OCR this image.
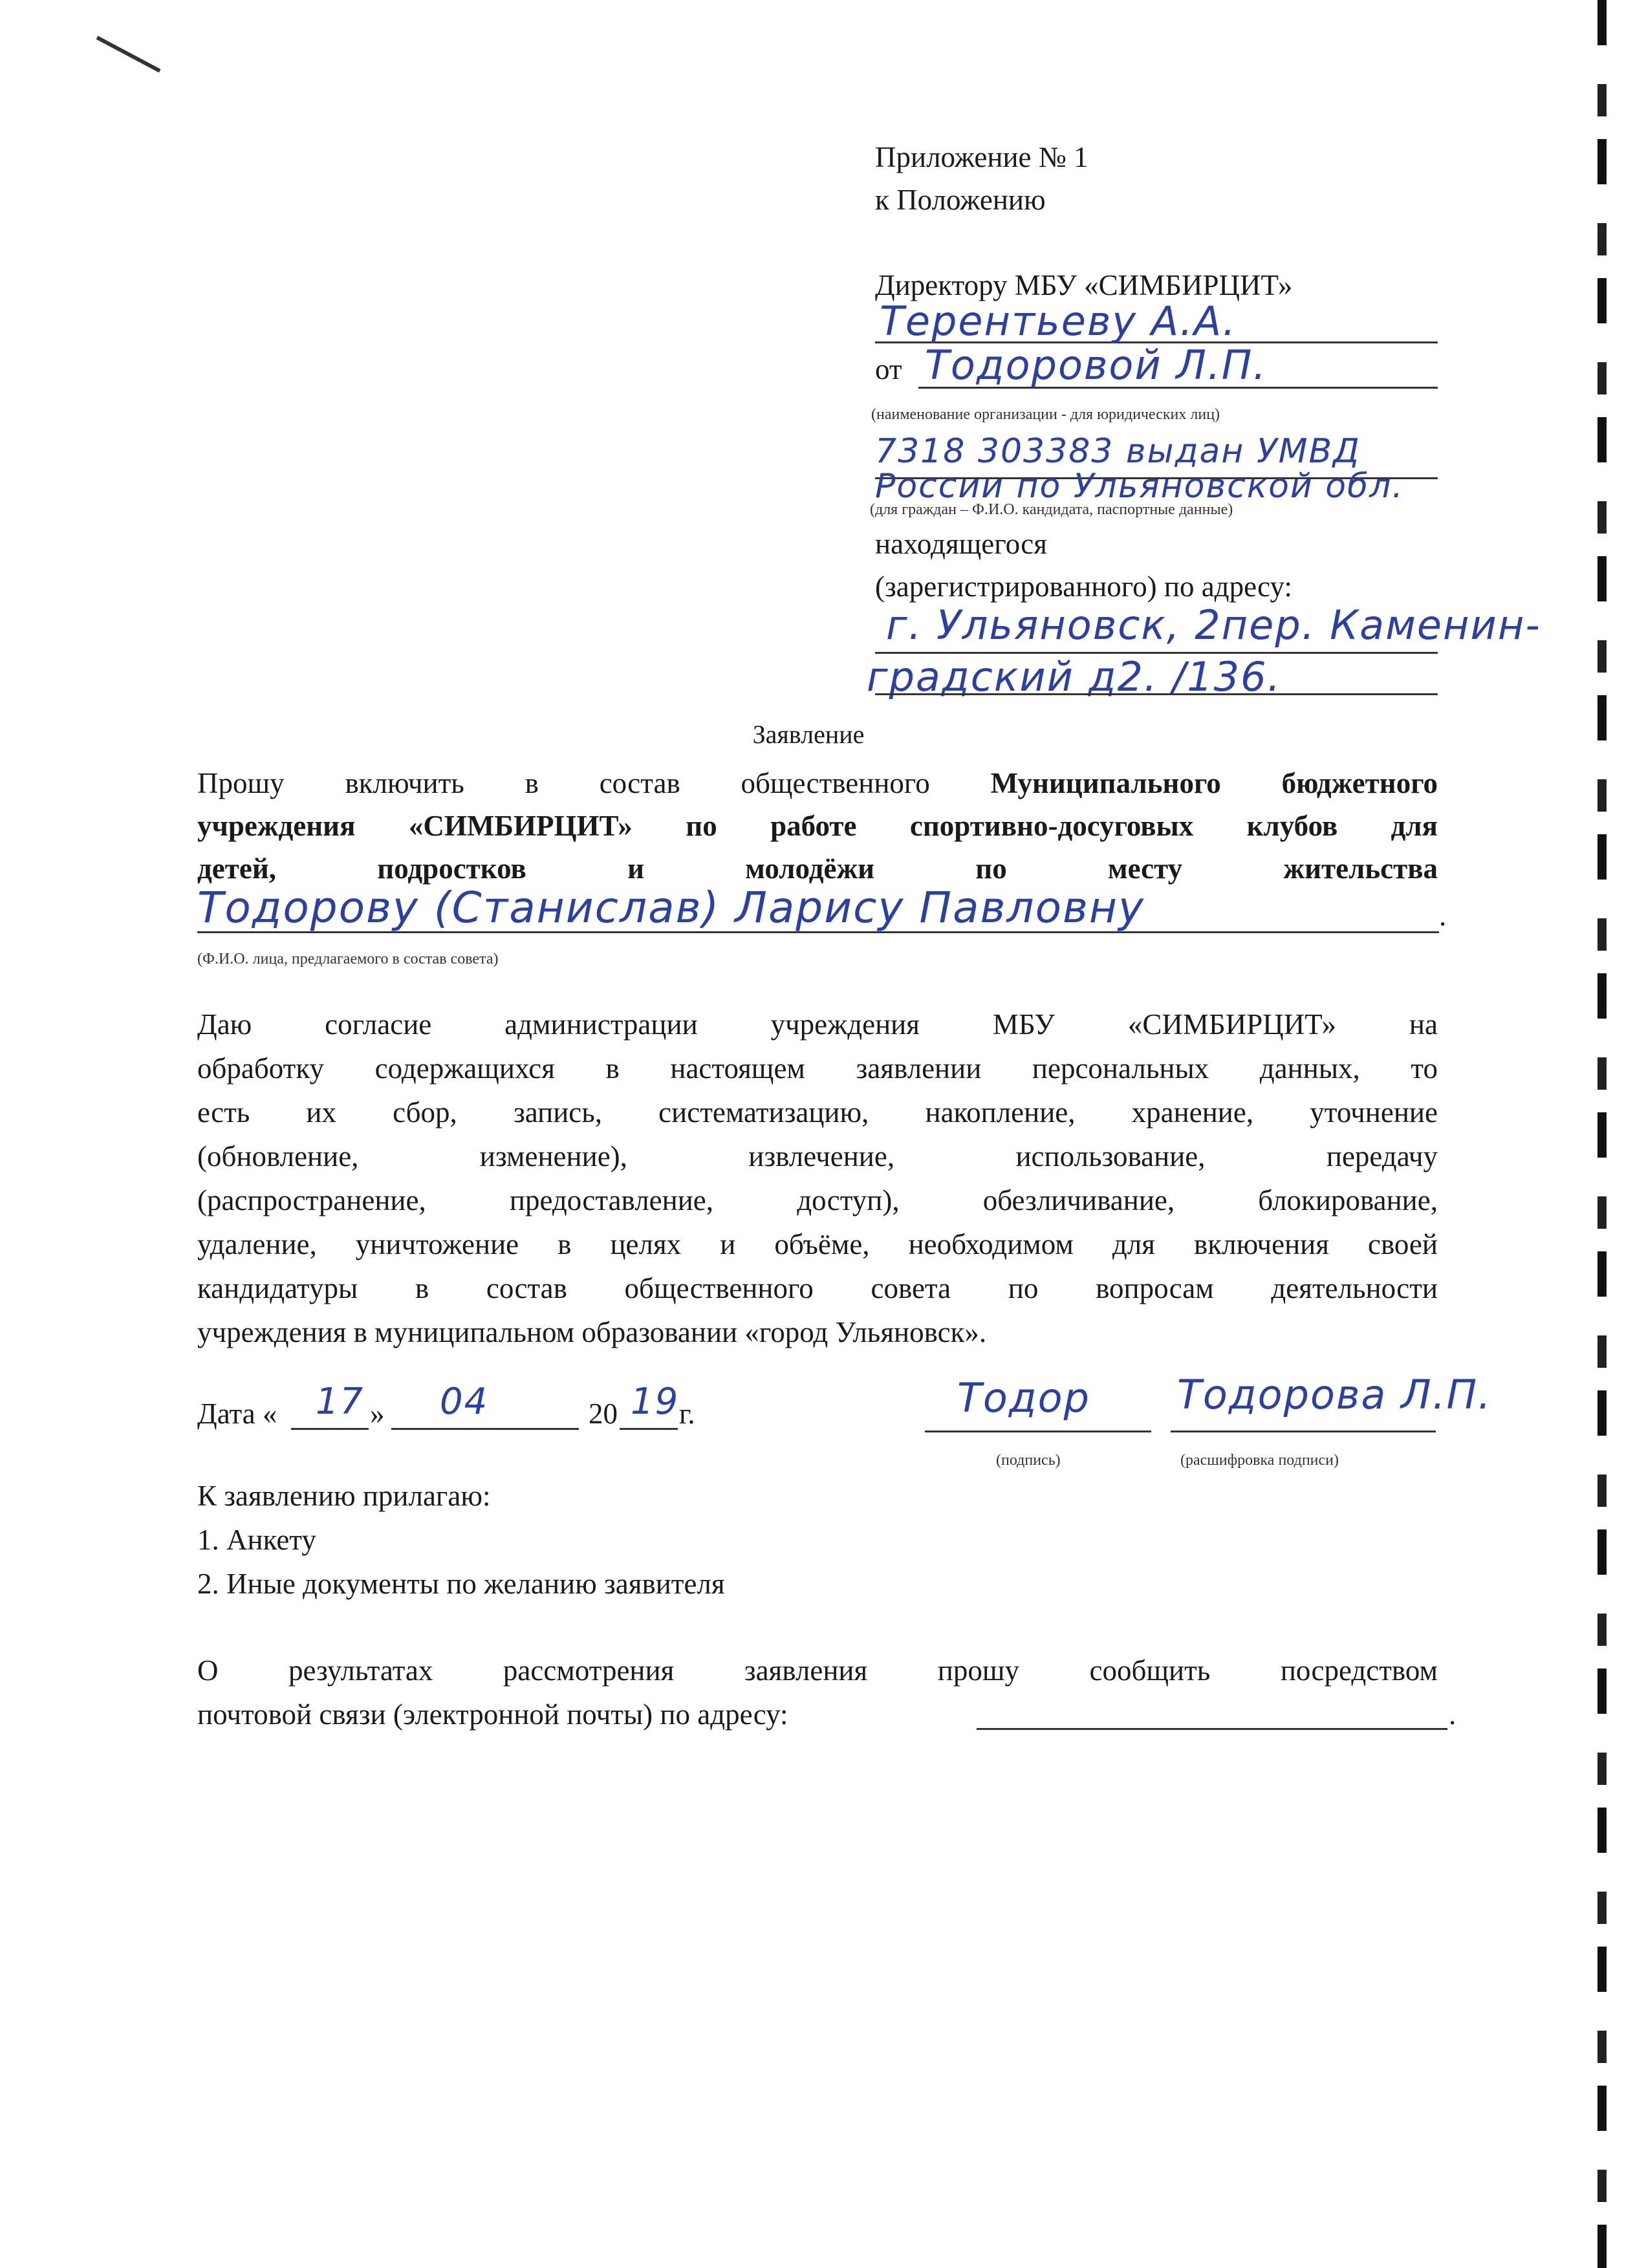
Приложение № 1
к Положению
Директору МБУ «СИМБИРЦИТ»
Терентьеву А.А.
от Тодоровой Л.П.
(наименование организации - для юридических лиц)
7318 303383 выдан УМВД
России по Ульяновской обл.
(для граждан – Ф.И.О. кандидата, паспортные данные)
находящегося
(зарегистрированного) по адресу:
г. Ульяновск, 2пер. Каменин-
градский д2. /136.
Заявление
Прошу включить в состав общественного Муниципального бюджетного
учреждения «СИМБИРЦИТ» по работе спортивно-досуговых клубов для
детей, подростков и молодёжи по месту жительства
Тодорову (Станислав) Ларису Павловну	.
(Ф.И.О. лица, предлагаемого в состав совета)
Даю согласие администрации учреждения МБУ «СИМБИРЦИТ» на
обработку содержащихся в настоящем заявлении персональных данных, то
есть их сбор, запись, систематизацию, накопление, хранение, уточнение
(обновление, изменение), извлечение, использование, передачу
(распространение, предоставление, доступ), обезличивание, блокирование,
удаление, уничтожение в целях и объёме, необходимом для включения своей
кандидатуры в состав общественного совета по вопросам деятельности
учреждения в муниципальном образовании «город Ульяновск».
Дата « 17 » 04	20 19 г.	Тодор
(подпись)
Тодорова Л.П.
(расшифровка подписи)
К заявлению прилагаю:
1. Анкету
2. Иные документы по желанию заявителя
О результатах рассмотрения заявления прошу сообщить посредством
почтовой связи (электронной почты) по адресу:	.
